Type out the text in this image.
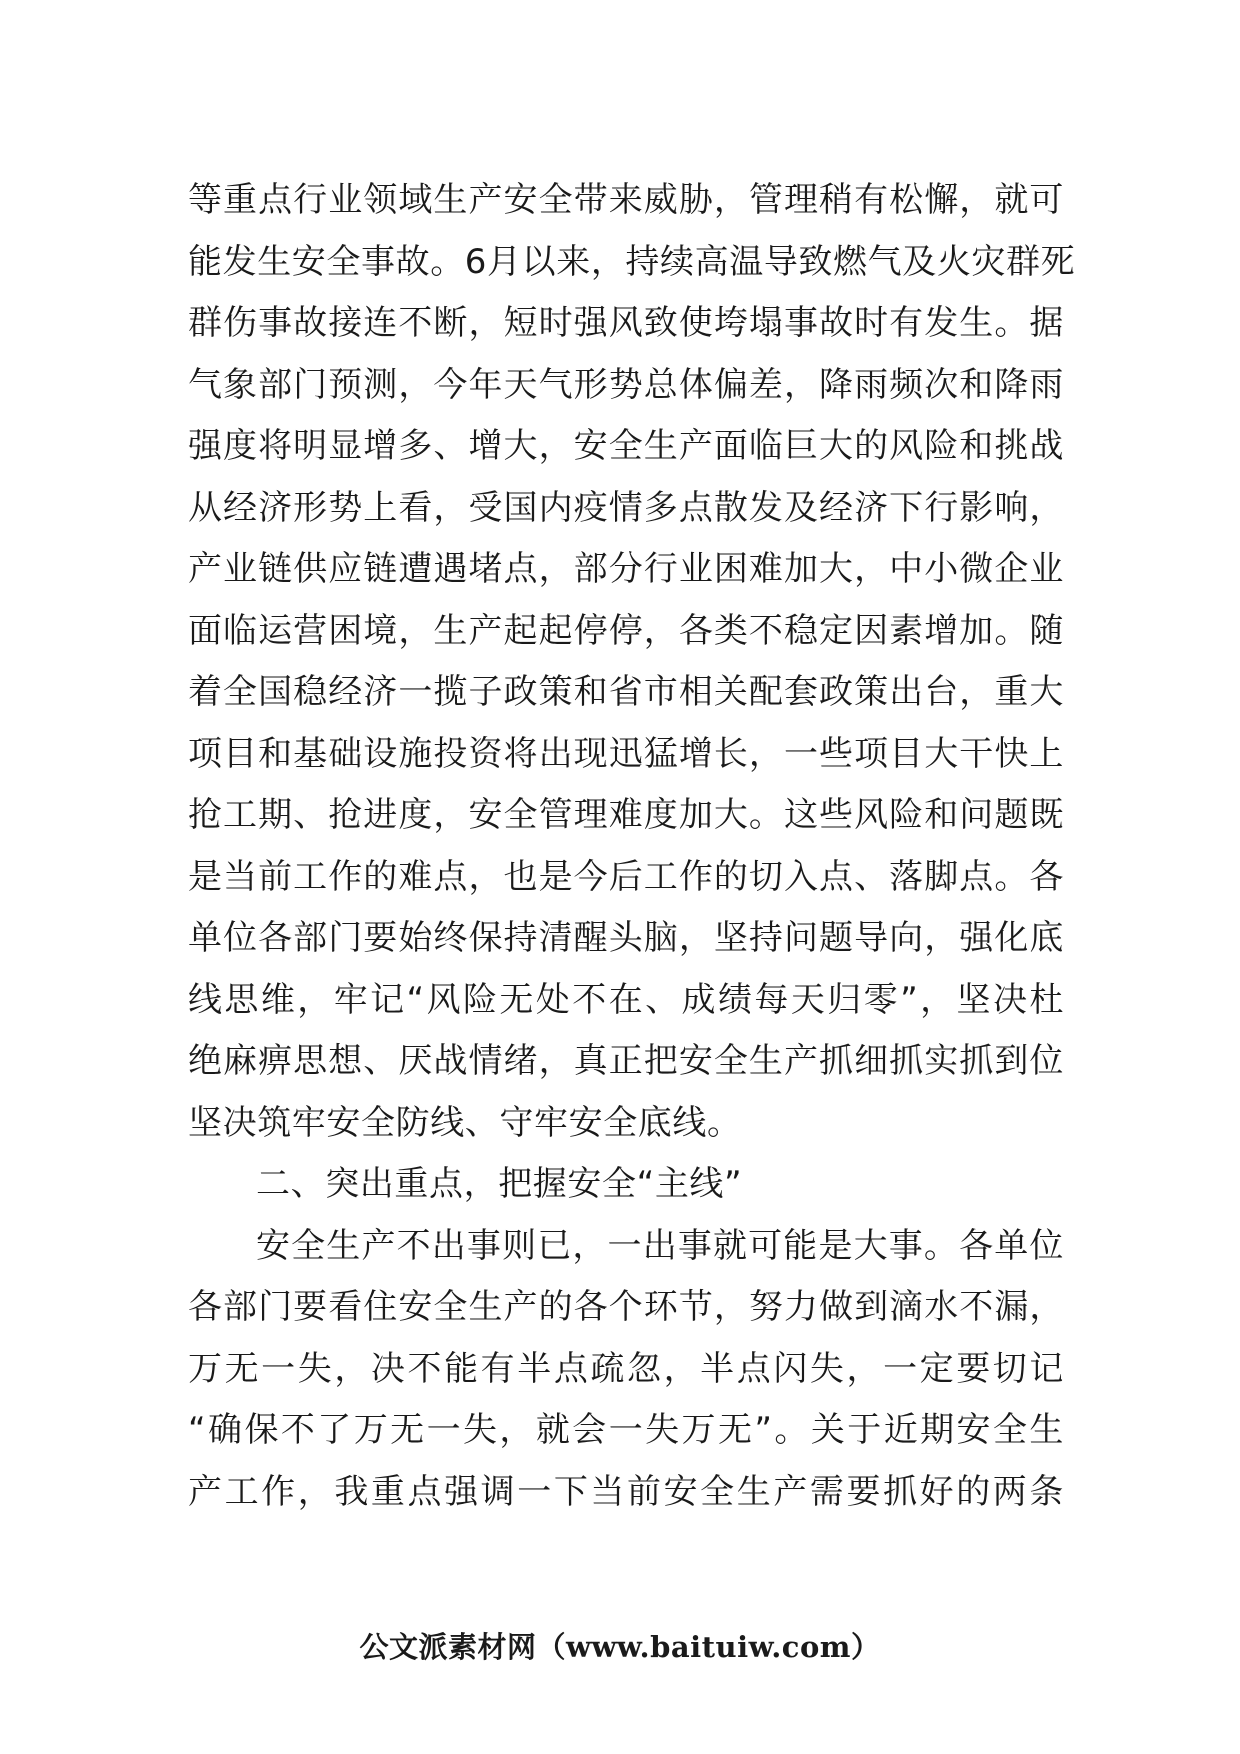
等重点行业领域生产安全带来威胁，管理稍有松懈，就可
能发生安全事故。6月以来，持续高温导致燃气及火灾群死
群伤事故接连不断，短时强风致使垮塌事故时有发生。据
气象部门预测，今年天气形势总体偏差，降雨频次和降雨
强度将明显增多、增大，安全生产面临巨大的风险和挑战
从经济形势上看，受国内疫情多点散发及经济下行影响，
产业链供应链遭遇堵点，部分行业困难加大，中小微企业
面临运营困境，生产起起停停，各类不稳定因素增加。随
着全国稳经济一揽子政策和省市相关配套政策出台，重大
项目和基础设施投资将出现迅猛增长，一些项目大干快上
抢工期、抢进度，安全管理难度加大。这些风险和问题既
是当前工作的难点，也是今后工作的切入点、落脚点。各
单位各部门要始终保持清醒头脑，坚持问题导向，强化底
线思维，牢记“风险无处不在、成绩每天归零”，坚决杜
绝麻痹思想、厌战情绪，真正把安全生产抓细抓实抓到位
坚决筑牢安全防线、守牢安全底线。
二、突出重点，把握安全“主线”
安全生产不出事则已，一出事就可能是大事。各单位
各部门要看住安全生产的各个环节，努力做到滴水不漏，
万无一失，决不能有半点疏忽，半点闪失，一定要切记
“确保不了万无一失，就会一失万无”。关于近期安全生
产工作，我重点强调一下当前安全生产需要抓好的两条
公文派素材网（www.baituiw.com）
